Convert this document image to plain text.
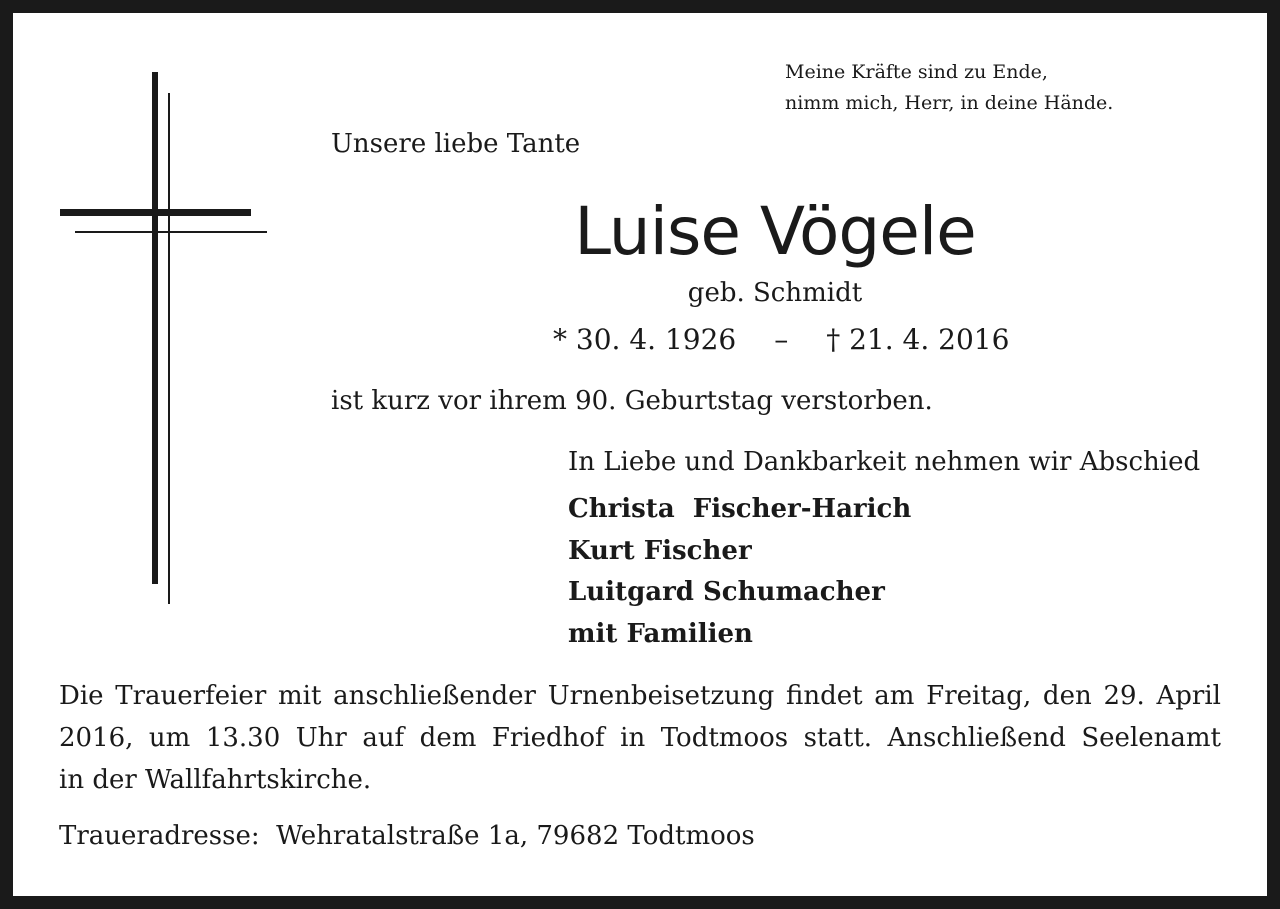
Meine Kräfte sind zu Ende,
nimm mich, Herr, in deine Hände.

Unsere liebe Tante

Luise Vögele

geb. Schmidt

* 30. 4. 1926 – † 21. 4. 2016

ist kurz vor ihrem 90. Geburtstag verstorben.

In Liebe und Dankbarkeit nehmen wir Abschied

Christa  Fischer-Harich
Kurt Fischer
Luitgard Schumacher
mit Familien
Die Trauerfeier mit anschließender Urnenbeisetzung findet am Freitag, den 29. April
2016, um 13.30 Uhr auf dem Friedhof in Todtmoos statt. Anschließend Seelenamt
in der Wallfahrtskirche.

Traueradresse:  Wehratalstraße 1a, 79682 Todtmoos
